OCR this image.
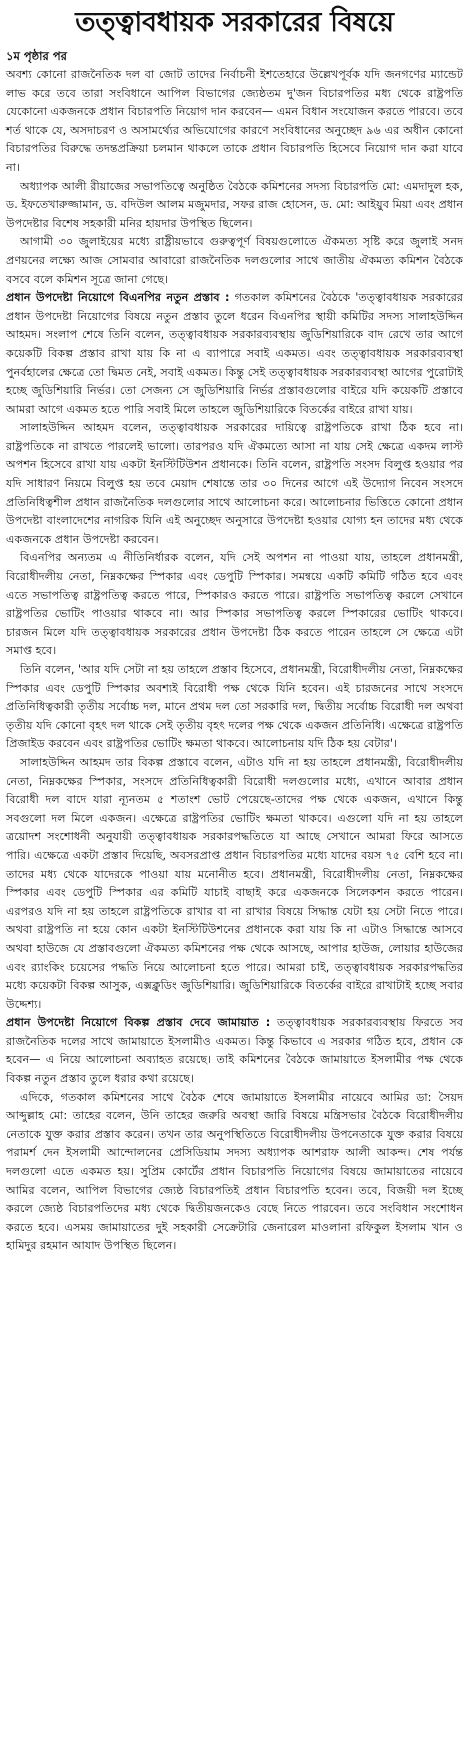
তত্ত্বাবধায়ক সরকারের বিষয়ে
১ম পৃষ্ঠার পর

অবশ্য কোনো রাজনৈতিক দল বা জোট তাদের নির্বাচনী ইশতেহারে উল্লেখপূর্বক যদি জনগণের ম্যান্ডেট লাভ করে তবে তারা সংবিধানে আপিল বিভাগের জ্যেষ্ঠতম দু'জন বিচারপতির মধ্য থেকে রাষ্ট্রপতি যেকোনো একজনকে প্রধান বিচারপতি নিয়োগ দান করবেন— এমন বিধান সংযোজন করতে পারবে। তবে শর্ত থাকে যে, অসদাচরণ ও অসামর্থ্যের অভিযোগের কারণে সংবিধানের অনুচ্ছেদ ৯৬ এর অধীন কোনো বিচারপতির বিরুদ্ধে তদন্তপ্রক্রিয়া চলমান থাকলে তাকে প্রধান বিচারপতি হিসেবে নিয়োগ দান করা যাবে না।

অধ্যাপক আলী রীয়াজের সভাপতিত্বে অনুষ্ঠিত বৈঠকে কমিশনের সদস্য বিচারপতি মো: এমদাদুল হক, ড. ইফতেখারুজ্জামান, ড. বদিউল আলম মজুমদার, সফর রাজ হোসেন, ড. মো: আইয়ুব মিয়া এবং প্রধান উপদেষ্টার বিশেষ সহকারী মনির হায়দার উপস্থিত ছিলেন।

আগামী ৩০ জুলাইয়ের মধ্যে রাষ্ট্রীয়ভাবে গুরুত্বপূর্ণ বিষয়গুলোতে ঐকমত্য সৃষ্টি করে জুলাই সনদ প্রণয়নের লক্ষ্যে আজ সোমবার আবারো রাজনৈতিক দলগুলোর সাথে জাতীয় ঐকমত্য কমিশন বৈঠকে বসবে বলে কমিশন সূত্রে জানা গেছে।

প্রধান উপদেষ্টা নিয়োগে বিএনপির নতুন প্রস্তাব : গতকাল কমিশনের বৈঠকে 'তত্ত্বাবধায়ক সরকারের প্রধান উপদেষ্টা নিয়োগের বিষয়ে নতুন প্রস্তাব তুলে ধরেন বিএনপির স্থায়ী কমিটির সদস্য সালাহউদ্দিন আহমদ। সংলাপ শেষে তিনি বলেন, তত্ত্বাবধায়ক সরকারব্যবস্থায় জুডিশিয়ারিকে বাদ রেখে তার আগে কয়েকটি বিকল্প প্রস্তাব রাখা যায় কি না এ ব্যাপারে সবাই একমত। এবং তত্ত্বাবধায়ক সরকারব্যবস্থা পুনর্বহালের ক্ষেত্রে তো দ্বিমত নেই, সবাই একমত। কিন্তু সেই তত্ত্বাবধায়ক সরকারব্যবস্থা আগের পুরোটাই হচ্ছে জুডিশিয়ারি নির্ভর। তো সেজন্য সে জুডিশিয়ারি নির্ভর প্রস্তাবগুলোর বাইরে যদি কয়েকটি প্রস্তাবে আমরা আগে একমত হতে পারি সবাই মিলে তাহলে জুডিশিয়ারিকে বিতর্কের বাইরে রাখা যায়।

সালাহউদ্দিন আহমদ বলেন, তত্ত্বাবধায়ক সরকারের দায়িত্বে রাষ্ট্রপতিকে রাখা ঠিক হবে না। রাষ্ট্রপতিকে না রাখতে পারলেই ভালো। তারপরও যদি ঐকমত্যে আসা না যায় সেই ক্ষেত্রে একদম লাস্ট অপশন হিসেবে রাখা যায় একটা ইনস্টিটিউশন প্রধানকে। তিনি বলেন, রাষ্ট্রপতি সংসদ বিলুপ্ত হওয়ার পর যদি সাধারণ নিয়মে বিলুপ্ত হয় তবে মেয়াদ শেষান্তে তার ৩০ দিনের আগে এই উদ্যোগ নিবেন সংসদে প্রতিনিধিত্বশীল প্রধান রাজনৈতিক দলগুলোর সাথে আলোচনা করে। আলোচনার ভিত্তিতে কোনো প্রধান উপদেষ্টা বাংলাদেশের নাগরিক যিনি এই অনুচ্ছেদ অনুসারে উপদেষ্টা হওয়ার যোগ্য হন তাদের মধ্য থেকে একজনকে প্রধান উপদেষ্টা করবেন।

বিএনপির অন্যতম এ নীতিনির্ধারক বলেন, যদি সেই অপশন না পাওয়া যায়, তাহলে প্রধানমন্ত্রী, বিরোধীদলীয় নেতা, নিম্নকক্ষের স্পিকার এবং ডেপুটি স্পিকার। সমন্বয়ে একটি কমিটি গঠিত হবে এবং এতে সভাপতিত্ব রাষ্ট্রপতিত্ব করতে পারে, স্পিকারও করতে পারে। রাষ্ট্রপতি সভাপতিত্ব করলে সেখানে রাষ্ট্রপতির ভোটিং পাওয়ার থাকবে না। আর স্পিকার সভাপতিত্ব করলে স্পিকারের ভোটিং থাকবে। চারজন মিলে যদি তত্ত্বাবধায়ক সরকারের প্রধান উপদেষ্টা ঠিক করতে পারেন তাহলে সে ক্ষেত্রে এটা সমাপ্ত হবে।

তিনি বলেন, 'আর যদি সেটা না হয় তাহলে প্রস্তাব হিসেবে, প্রধানমন্ত্রী, বিরোধীদলীয় নেতা, নিম্নকক্ষের স্পিকার এবং ডেপুটি স্পিকার অবশ্যই বিরোধী পক্ষ থেকে যিনি হবেন। এই চারজনের সাথে সংসদে প্রতিনিধিত্বকারী তৃতীয় সর্বোচ্চ দল, মানে প্রথম দল তো সরকারি দল, দ্বিতীয় সর্বোচ্চ বিরোধী দল অথবা তৃতীয় যদি কোনো বৃহৎ দল থাকে সেই তৃতীয় বৃহৎ দলের পক্ষ থেকে একজন প্রতিনিধি। এক্ষেত্রে রাষ্ট্রপতি প্রিজাইড করবেন এবং রাষ্ট্রপতির ভোটিং ক্ষমতা থাকবে। আলোচনায় যদি ঠিক হয় বেটার'।

সালাহউদ্দিন আহমদ তার বিকল্প প্রস্তাবে বলেন, এটাও যদি না হয় তাহলে প্রধানমন্ত্রী, বিরোধীদলীয় নেতা, নিম্নকক্ষের স্পিকার, সংসদে প্রতিনিধিত্বকারী বিরোধী দলগুলোর মধ্যে, এখানে আবার প্রধান বিরোধী দল বাদে যারা ন্যূনতম ৫ শতাংশ ভোট পেয়েছে-তাদের পক্ষ থেকে একজন, এখানে কিন্তু সবগুলো দল মিলে একজন। এক্ষেত্রে রাষ্ট্রপতির ভোটিং ক্ষমতা থাকবে। এগুলো যদি না হয় তাহলে ত্রয়োদশ সংশোধনী অনুযায়ী তত্ত্বাবধায়ক সরকারপদ্ধতিতে যা আছে সেখানে আমরা ফিরে আসতে পারি। এক্ষেত্রে একটা প্রস্তাব দিয়েছি, অবসরপ্রাপ্ত প্রধান বিচারপতির মধ্যে যাদের বয়স ৭৫ বেশি হবে না। তাদের মধ্য থেকে যাদেরকে পাওয়া যায় মনোনীত হবে। প্রধানমন্ত্রী, বিরোধীদলীয় নেতা, নিম্নকক্ষের স্পিকার এবং ডেপুটি স্পিকার এর কমিটি যাচাই বাছাই করে একজনকে সিলেকশন করতে পারেন। এরপরও যদি না হয় তাহলে রাষ্ট্রপতিকে রাখার বা না রাখার বিষয়ে সিদ্ধান্ত যেটা হয় সেটা নিতে পারে। অথবা রাষ্ট্রপতি না হয়ে কোন একটা ইনস্টিটিউশনের প্রধানকে করা যায় কি না এটাও সিদ্ধান্তে আসবে অথবা হাউজে যে প্রস্তাবগুলো ঐকমত্য কমিশনের পক্ষ থেকে আসছে, আপার হাউজ, লোয়ার হাউজের এবং র‍্যাংকিং চয়েসের পদ্ধতি নিয়ে আলোচনা হতে পারে। আমরা চাই, তত্ত্বাবধায়ক সরকারপদ্ধতির মধ্যে কয়েকটা বিকল্প আসুক, এক্সক্লুডিং জুডিশিয়ারি। জুডিশিয়ারিকে বিতর্কের বাইরে রাখাটাই হচ্ছে সবার উদ্দেশ্য।

প্রধান উপদেষ্টা নিয়োগে বিকল্প প্রস্তাব দেবে জামায়াত : তত্ত্বাবধায়ক সরকারব্যবস্থায় ফিরতে সব রাজনৈতিক দলের সাথে জামায়াতে ইসলামীও একমত। কিন্তু কিভাবে এ সরকার গঠিত হবে, প্রধান কে হবেন— এ নিয়ে আলোচনা অব্যাহত রয়েছে। তাই কমিশনের বৈঠকে জামায়াতে ইসলামীর পক্ষ থেকে বিকল্প নতুন প্রস্তাব তুলে ধরার কথা রয়েছে।

এদিকে, গতকাল কমিশনের সাথে বৈঠক শেষে জামায়াতে ইসলামীর নায়েবে আমির ডা: সৈয়দ আব্দুল্লাহ মো: তাহের বলেন, উনি তাহের জরুরি অবস্থা জারি বিষয়ে মন্ত্রিসভার বৈঠকে বিরোধীদলীয় নেতাকে যুক্ত করার প্রস্তাব করেন। তখন তার অনুপস্থিতিতে বিরোধীদলীয় উপনেতাকে যুক্ত করার বিষয়ে পরামর্শ দেন ইসলামী আন্দোলনের প্রেসিডিয়াম সদস্য অধ্যাপক আশরাফ আলী আকন্দ। শেষ পর্যন্ত দলগুলো এতে একমত হয়। সুপ্রিম কোর্টের প্রধান বিচারপতি নিয়োগের বিষয়ে জামায়াতের নায়েবে আমির বলেন, আপিল বিভাগের জ্যেষ্ঠ বিচারপতিই প্রধান বিচারপতি হবেন। তবে, বিজয়ী দল ইচ্ছে করলে জ্যেষ্ঠ বিচারপতিদের মধ্য থেকে দ্বিতীয়জনকেও বেছে নিতে পারবেন। তবে সংবিধান সংশোধন করতে হবে। এসময় জামায়াতের দুই সহকারী সেক্রেটারি জেনারেল মাওলানা রফিকুল ইসলাম খান ও হামিদুর রহমান আযাদ উপস্থিত ছিলেন।
